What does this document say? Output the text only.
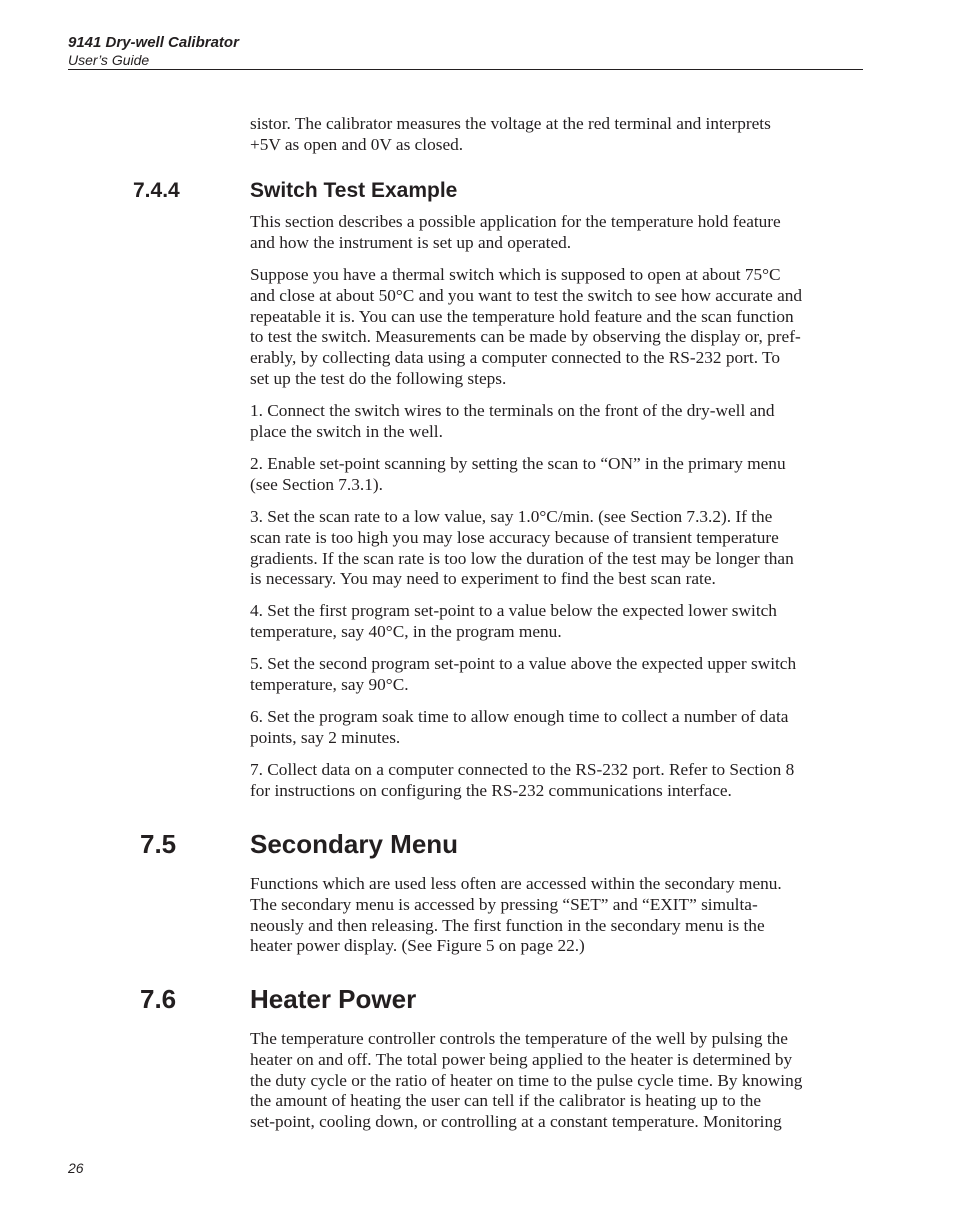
9141 Dry-well Calibrator

User’s Guide

sistor. The calibrator measures the voltage at the red terminal and interprets
+5V as open and 0V as closed.

7.4.4	Switch Test Example

This section describes a possible application for the temperature hold feature
and how the instrument is set up and operated.

Suppose you have a thermal switch which is supposed to open at about 75°C
and close at about 50°C and you want to test the switch to see how accurate and
repeatable it is. You can use the temperature hold feature and the scan function
to test the switch. Measurements can be made by observing the display or, pref-
erably, by collecting data using a computer connected to the RS-232 port. To
set up the test do the following steps.

1. Connect the switch wires to the terminals on the front of the dry-well and
place the switch in the well.

2. Enable set-point scanning by setting the scan to “ON” in the primary menu
(see Section 7.3.1).

3. Set the scan rate to a low value, say 1.0°C/min. (see Section 7.3.2). If the
scan rate is too high you may lose accuracy because of transient temperature
gradients. If the scan rate is too low the duration of the test may be longer than
is necessary. You may need to experiment to find the best scan rate.

4. Set the first program set-point to a value below the expected lower switch
temperature, say 40°C, in the program menu.

5. Set the second program set-point to a value above the expected upper switch
temperature, say 90°C.

6. Set the program soak time to allow enough time to collect a number of data
points, say 2 minutes.

7. Collect data on a computer connected to the RS-232 port. Refer to Section 8
for instructions on configuring the RS-232 communications interface.

7.5	Secondary Menu

Functions which are used less often are accessed within the secondary menu.
The secondary menu is accessed by pressing “SET” and “EXIT” simulta-
neously and then releasing. The first function in the secondary menu is the
heater power display. (See Figure 5 on page 22.)

7.6	Heater Power

The temperature controller controls the temperature of the well by pulsing the
heater on and off. The total power being applied to the heater is determined by
the duty cycle or the ratio of heater on time to the pulse cycle time. By knowing
the amount of heating the user can tell if the calibrator is heating up to the
set-point, cooling down, or controlling at a constant temperature. Monitoring

26
